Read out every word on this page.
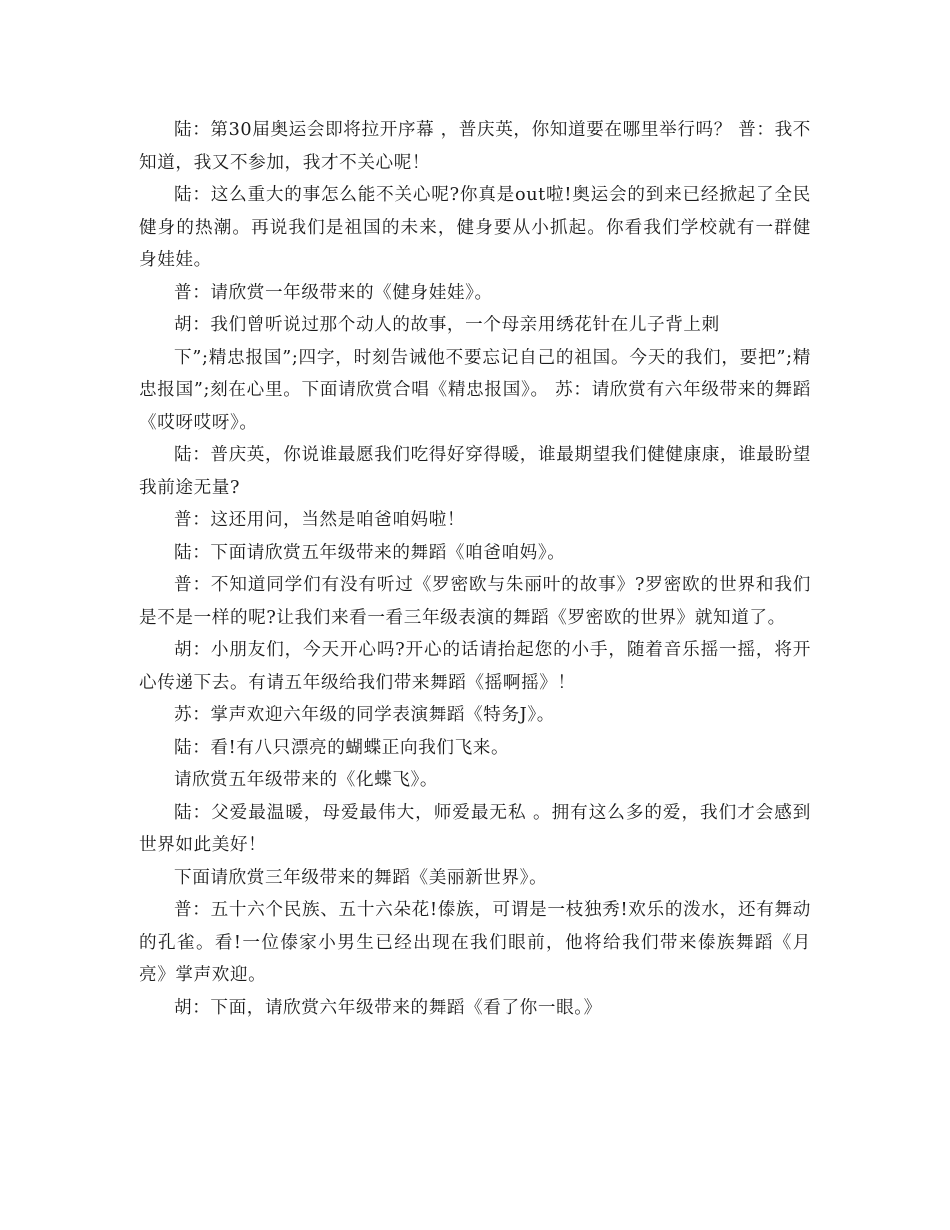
陆：第30届奥运会即将拉开序幕 ，普庆英，你知道要在哪里举行吗？ 普：我不知道，我又不参加，我才不关心呢！

陆：这么重大的事怎么能不关心呢?你真是out啦!奥运会的到来已经掀起了全民健身的热潮。再说我们是祖国的未来，健身要从小抓起。你看我们学校就有一群健身娃娃。

普：请欣赏一年级带来的《健身娃娃》。

胡：我们曾听说过那个动人的故事，一个母亲用绣花针在儿子背上刺

下”;精忠报国”;四字，时刻告诫他不要忘记自己的祖国。今天的我们，要把”;精忠报国”;刻在心里。下面请欣赏合唱《精忠报国》。 苏：请欣赏有六年级带来的舞蹈《哎呀哎呀》。

陆：普庆英，你说谁最愿我们吃得好穿得暖，谁最期望我们健健康康，谁最盼望我前途无量?

普：这还用问，当然是咱爸咱妈啦！

陆：下面请欣赏五年级带来的舞蹈《咱爸咱妈》。

普：不知道同学们有没有听过《罗密欧与朱丽叶的故事》?罗密欧的世界和我们是不是一样的呢?让我们来看一看三年级表演的舞蹈《罗密欧的世界》就知道了。

胡：小朋友们，今天开心吗?开心的话请抬起您的小手，随着音乐摇一摇，将开心传递下去。有请五年级给我们带来舞蹈《摇啊摇》！

苏：掌声欢迎六年级的同学表演舞蹈《特务J》。

陆：看!有八只漂亮的蝴蝶正向我们飞来。

请欣赏五年级带来的《化蝶飞》。

陆：父爱最温暖，母爱最伟大，师爱最无私 。拥有这么多的爱，我们才会感到世界如此美好！

下面请欣赏三年级带来的舞蹈《美丽新世界》。

普：五十六个民族、五十六朵花!傣族，可谓是一枝独秀!欢乐的泼水，还有舞动的孔雀。看!一位傣家小男生已经出现在我们眼前，他将给我们带来傣族舞蹈《月亮》掌声欢迎。

胡：下面，请欣赏六年级带来的舞蹈《看了你一眼。》
